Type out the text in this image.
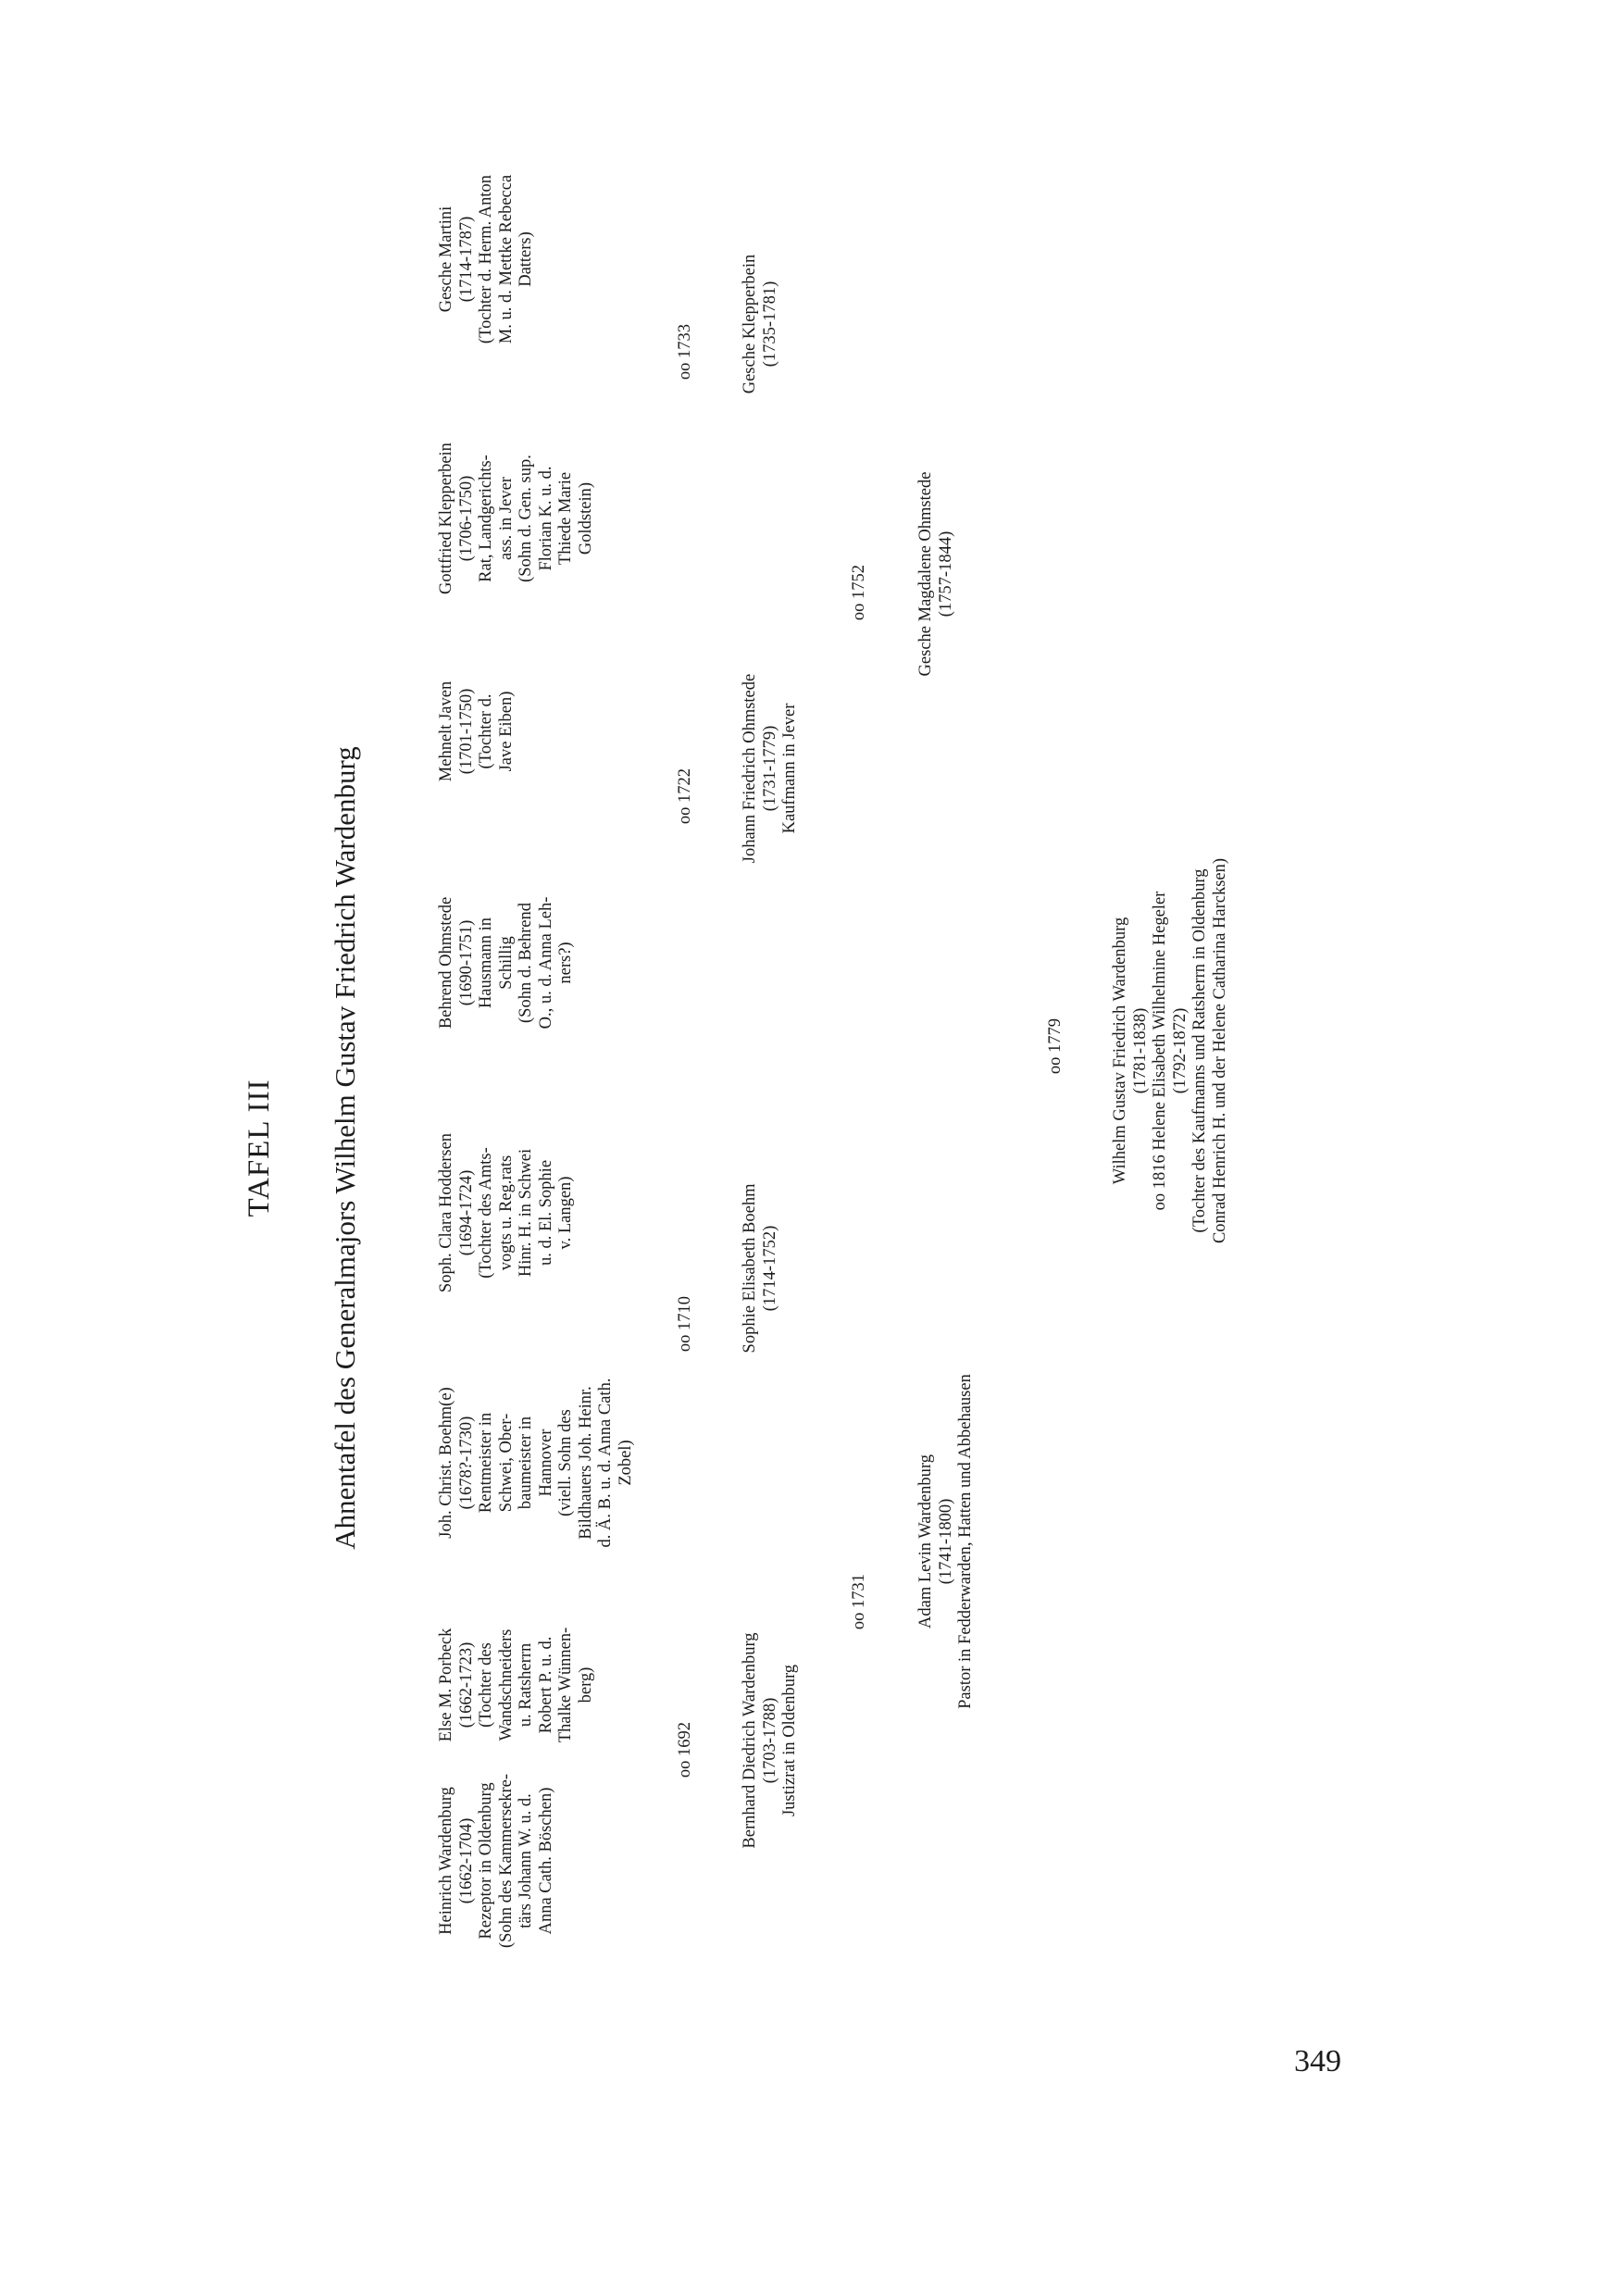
TAFEL III Ahnentafel des Generalmajors Wilhelm Gustav Friedrich Wardenburg
Heinrich Wardenburg (1662-1704) Rezeptor in Oldenburg (Sohn des Kammersekre- tärs Johann W. u. d. Anna Cath. Böschen)
Else M. Porbeck (1662-1723) (Tochter des Wandschneiders u. Ratsherrn Robert P. u. d. Thalke Wünnen- berg)
Joh. Christ. Boehm(e) (1678?-1730) Rentmeister in Schwei, Ober- baumeister in Hannover (viell. Sohn des Bildhauers Joh. Heinr. d. Ä. B. u. d. Anna Cath. Zobel)
Soph. Clara Hoddersen (1694-1724) (Tochter des Amts- vogts u. Reg.rats Hinr. H. in Schwei u. d. El. Sophie v. Langen)
Behrend Ohmstede (1690-1751) Hausmann in Schillig (Sohn d. Behrend O., u. d. Anna Leh- ners?)
Mehnelt Javen (1701-1750) (Tochter d. Jave Eiben)
Gottfried Klepperbein (1706-1750) Rat, Landgerichts- ass. in Jever (Sohn d. Gen. sup. Florian K. u. d. Thiede Marie Goldstein)
Gesche Martini (1714-1787) (Tochter d. Herm. Anton M. u. d. Mettke Rebecca Datters)
oo 1692
oo 1710
oo 1722
oo 1733
Bernhard Diedrich Wardenburg (1703-1788) Justizrat in Oldenburg
Sophie Elisabeth Boehm (1714-1752)
Johann Friedrich Ohmstede (1731-1779) Kaufmann in Jever
Gesche Klepperbein (1735-1781)
oo 1731
oo 1752
Adam Levin Wardenburg (1741-1800) Pastor in Fedderwarden, Hatten und Abbehausen
Gesche Magdalene Ohmstede (1757-1844)
oo 1779	Wilhelm Gustav Friedrich Wardenburg (1781-1838) oo 1816 Helene Elisabeth Wilhelmine Hegeler (1792-1872) (Tochter des Kaufmanns und Ratsherrn in Oldenburg Conrad Henrich H. und der Helene Catharina Harcksen)
349
